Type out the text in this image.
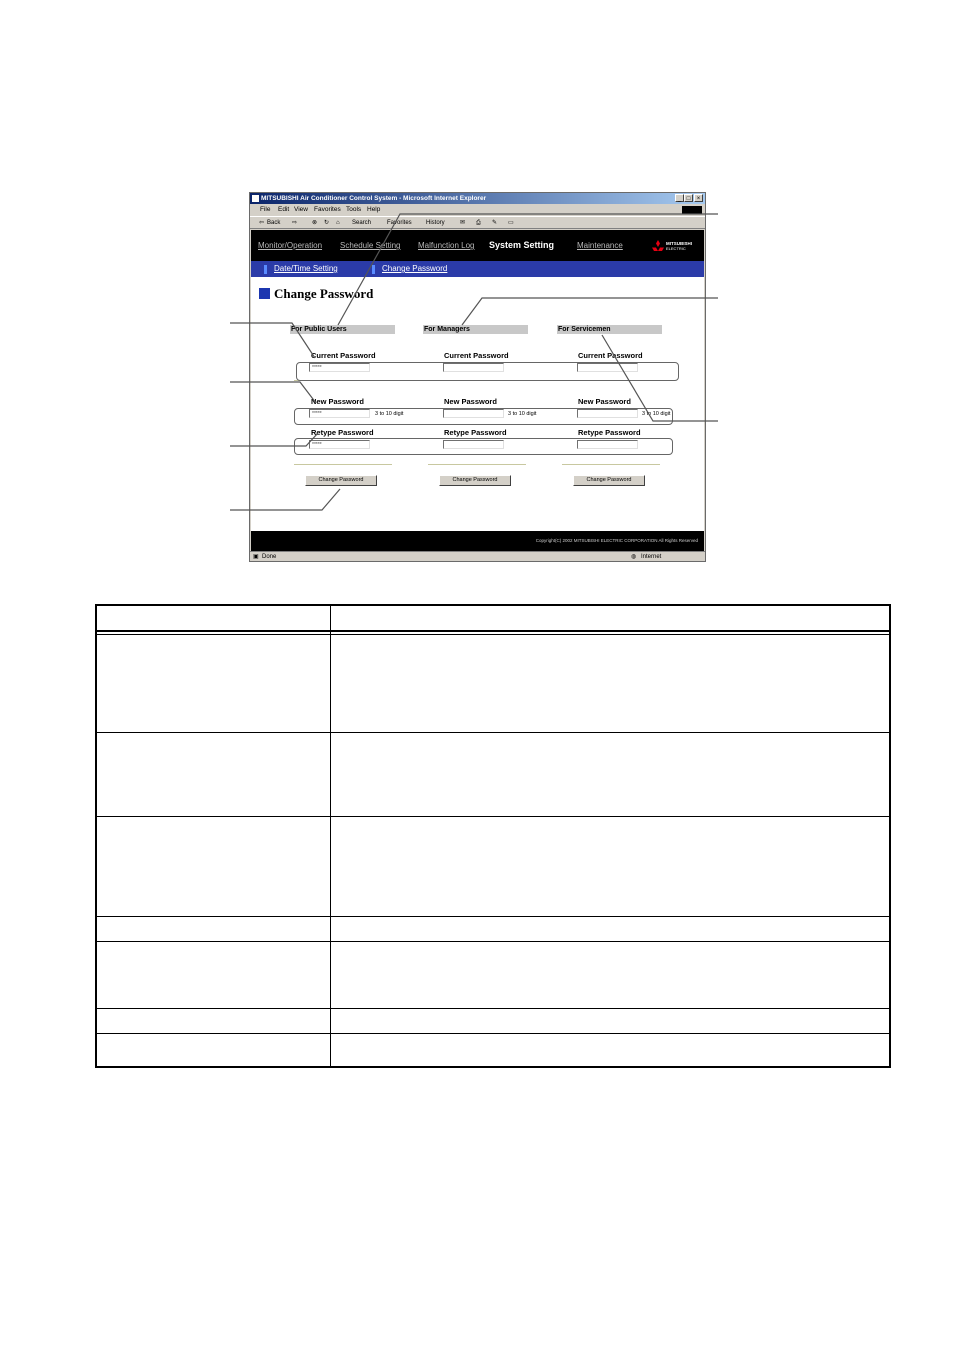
MITSUBISHI Air Conditioner Control System - Microsoft Internet Explorer	_ □	×
File Edit View Favorites Tools Help
⇦ Back ⇨ ⊗ ↻ ⌂ Search	Favorites History	✉ ⎙ ✎ ▭
Monitor/Operation Schedule Setting Malfunction Log System Setting	Maintenance	MITSUBISHI
ELECTRIC
Date/Time Setting	Change Password
Change Password
For Public Users
Current Password
*****
New Password
*****	3 to 10 digit
Retype Password
*****
Change Password
For Managers
Current Password
New Password
3 to 10 digit
Retype Password
Change Password
For Servicemen
Current Password
New Password
3 to 10 digit
Retype Password
Change Password
Copyright(C) 2002 MITSUBISHI ELECTRIC CORPORATION All Rights Reserved
▣ Done	◍ Internet
